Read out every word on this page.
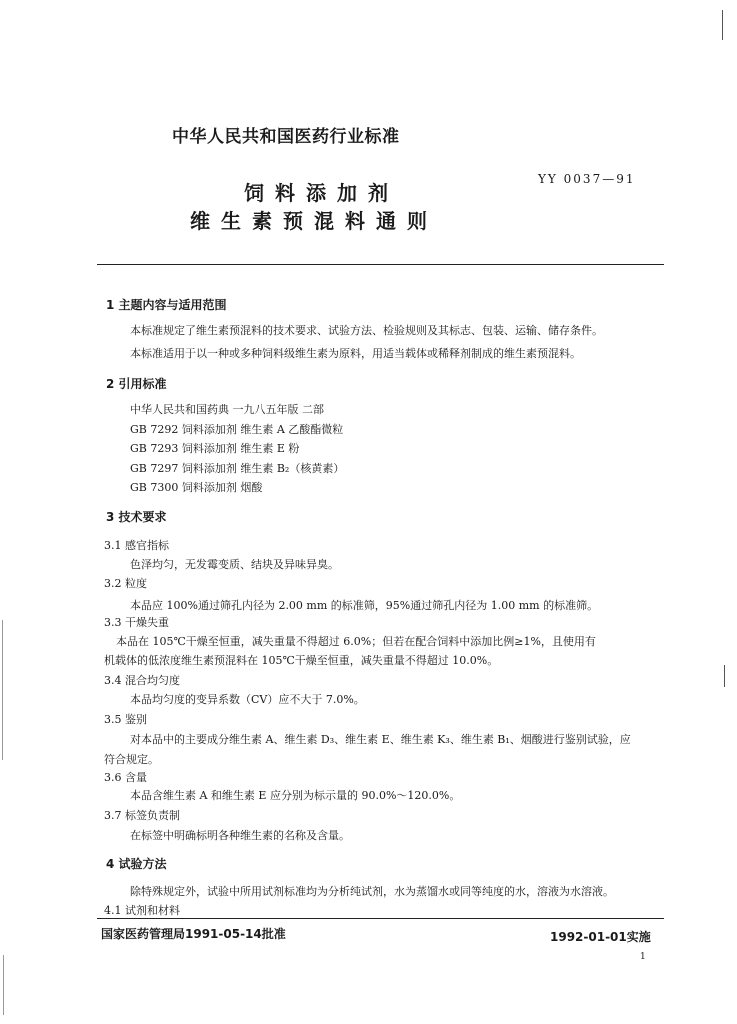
中华人民共和国医药行业标准
YY 0037—91
饲料添加剂
维生素预混料通则
1 主题内容与适用范围
本标准规定了维生素预混料的技术要求、试验方法、检验规则及其标志、包装、运输、储存条件。
本标准适用于以一种或多种饲料级维生素为原料，用适当载体或稀释剂制成的维生素预混料。
2 引用标准
中华人民共和国药典 一九八五年版 二部
GB 7292 饲料添加剂 维生素 A 乙酸酯微粒
GB 7293 饲料添加剂 维生素 E 粉
GB 7297 饲料添加剂 维生素 B₂（核黄素）
GB 7300 饲料添加剂 烟酸
3 技术要求
3.1 感官指标
色泽均匀，无发霉变质、结块及异味异臭。
3.2 粒度
本品应 100%通过筛孔内径为 2.00 mm 的标准筛，95%通过筛孔内径为 1.00 mm 的标准筛。
3.3 干燥失重
本品在 105℃干燥至恒重，减失重量不得超过 6.0%；但若在配合饲料中添加比例≥1%，且使用有
机载体的低浓度维生素预混料在 105℃干燥至恒重，减失重量不得超过 10.0%。
3.4 混合均匀度
本品均匀度的变异系数（CV）应不大于 7.0%。
3.5 鉴别
对本品中的主要成分维生素 A、维生素 D₃、维生素 E、维生素 K₃、维生素 B₁、烟酸进行鉴别试验，应
符合规定。
3.6 含量
本品含维生素 A 和维生素 E 应分别为标示量的 90.0%～120.0%。
3.7 标签负责制
在标签中明确标明各种维生素的名称及含量。
4 试验方法
除特殊规定外，试验中所用试剂标准均为分析纯试剂，水为蒸馏水或同等纯度的水，溶液为水溶液。
4.1 试剂和材料
国家医药管理局1991-05-14批准	1992-01-01实施
1
